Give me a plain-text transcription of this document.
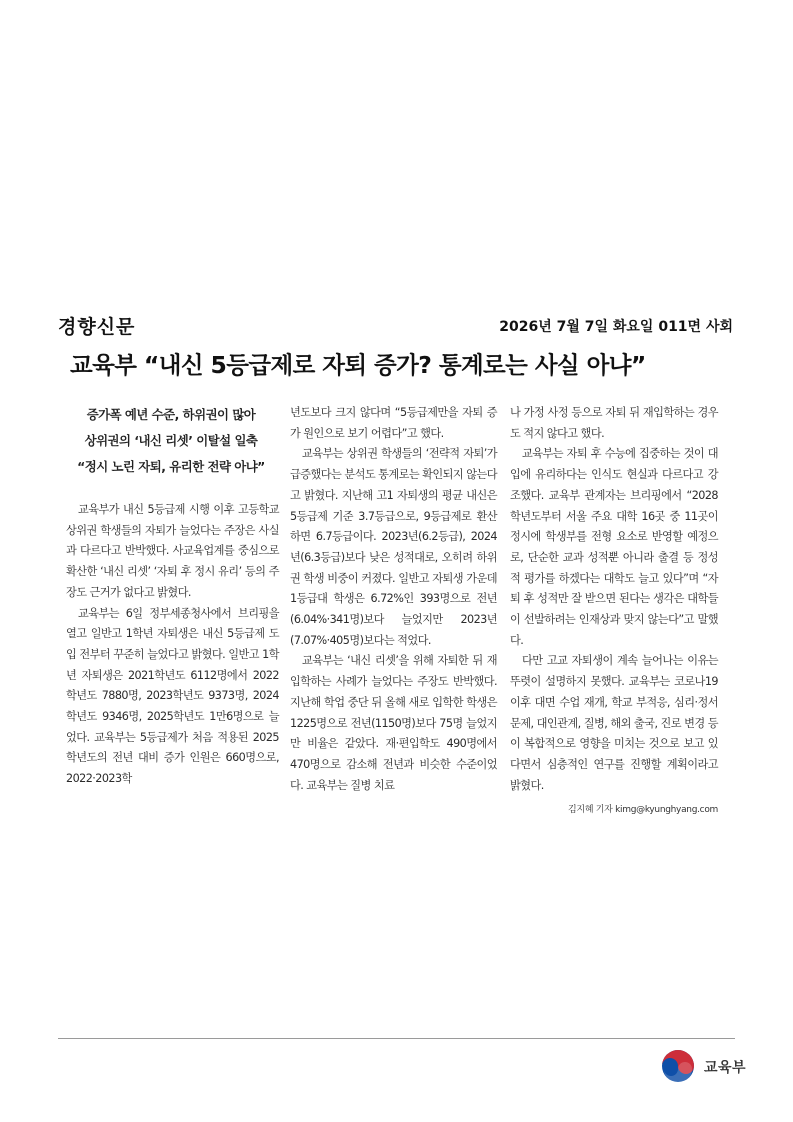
경향신문	2026년 7월 7일 화요일 011면 사회
교육부 “내신 5등급제로 자퇴 증가? 통계로는 사실 아냐”
증가폭 예년 수준, 하위권이 많아
상위권의 ‘내신 리셋’ 이탈설 일축
“정시 노린 자퇴, 유리한 전략 아냐”

교육부가 내신 5등급제 시행 이후 고등학교 상위권 학생들의 자퇴가 늘었다는 주장은 사실과 다르다고 반박했다. 사교육업계를 중심으로 확산한 ‘내신 리셋’ ‘자퇴 후 정시 유리’ 등의 주장도 근거가 없다고 밝혔다.

교육부는 6일 정부세종청사에서 브리핑을 열고 일반고 1학년 자퇴생은 내신 5등급제 도입 전부터 꾸준히 늘었다고 밝혔다. 일반고 1학년 자퇴생은 2021학년도 6112명에서 2022학년도 7880명, 2023학년도 9373명, 2024학년도 9346명, 2025학년도 1만6명으로 늘었다. 교육부는 5등급제가 처음 적용된 2025학년도의 전년 대비 증가 인원은 660명으로, 2022·2023학

년도보다 크지 않다며 “5등급제만을 자퇴 증가 원인으로 보기 어렵다”고 했다.

교육부는 상위권 학생들의 ‘전략적 자퇴’가 급증했다는 분석도 통계로는 확인되지 않는다고 밝혔다. 지난해 고1 자퇴생의 평균 내신은 5등급제 기준 3.7등급으로, 9등급제로 환산하면 6.7등급이다. 2023년(6.2등급), 2024년(6.3등급)보다 낮은 성적대로, 오히려 하위권 학생 비중이 커졌다. 일반고 자퇴생 가운데 1등급대 학생은 6.72%인 393명으로 전년(6.04%·341명)보다 늘었지만 2023년(7.07%·405명)보다는 적었다.

교육부는 ‘내신 리셋’을 위해 자퇴한 뒤 재입학하는 사례가 늘었다는 주장도 반박했다. 지난해 학업 중단 뒤 올해 새로 입학한 학생은 1225명으로 전년(1150명)보다 75명 늘었지만 비율은 같았다. 재·편입학도 490명에서 470명으로 감소해 전년과 비슷한 수준이었다. 교육부는 질병 치료

나 가정 사정 등으로 자퇴 뒤 재입학하는 경우도 적지 않다고 했다.

교육부는 자퇴 후 수능에 집중하는 것이 대입에 유리하다는 인식도 현실과 다르다고 강조했다. 교육부 관계자는 브리핑에서 “2028학년도부터 서울 주요 대학 16곳 중 11곳이 정시에 학생부를 전형 요소로 반영할 예정으로, 단순한 교과 성적뿐 아니라 출결 등 정성적 평가를 하겠다는 대학도 늘고 있다”며 “자퇴 후 성적만 잘 받으면 된다는 생각은 대학들이 선발하려는 인재상과 맞지 않는다”고 말했다.

다만 고교 자퇴생이 계속 늘어나는 이유는 뚜렷이 설명하지 못했다. 교육부는 코로나19 이후 대면 수업 재개, 학교 부적응, 심리·정서 문제, 대인관계, 질병, 해외 출국, 진로 변경 등이 복합적으로 영향을 미치는 것으로 보고 있다면서 심층적인 연구를 진행할 계획이라고 밝혔다.

김지혜 기자 kimg@kyunghyang.com
교육부
